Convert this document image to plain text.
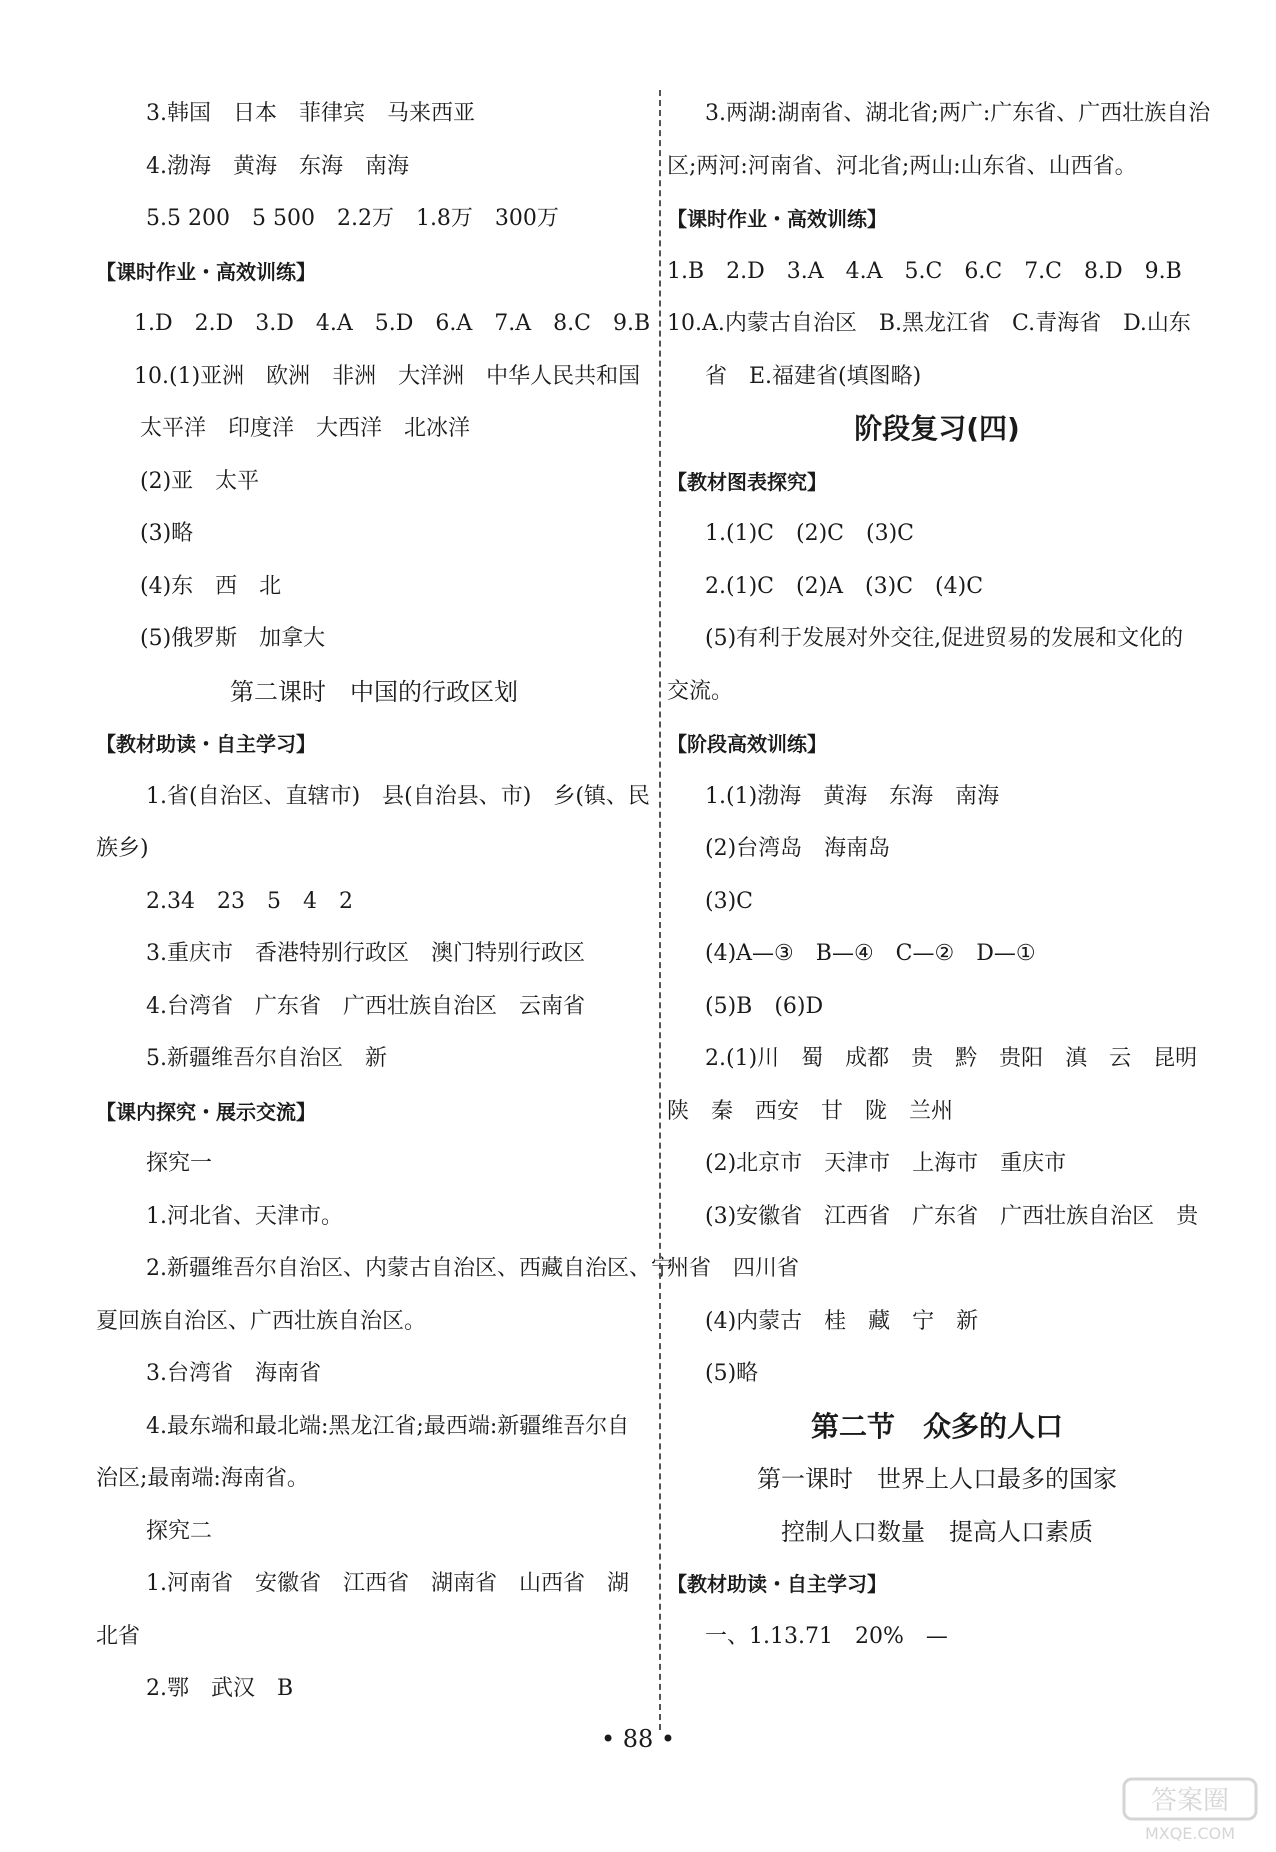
3.韩国　日本　菲律宾　马来西亚
4.渤海　黄海　东海　南海
5.5 200　5 500　2.2万　1.8万　300万
【课时作业・高效训练】
1.D　2.D　3.D　4.A　5.D　6.A　7.A　8.C　9.B
10.(1)亚洲　欧洲　非洲　大洋洲　中华人民共和国
太平洋　印度洋　大西洋　北冰洋
(2)亚　太平
(3)略
(4)东　西　北
(5)俄罗斯　加拿大
第二课时　中国的行政区划
【教材助读・自主学习】
1.省(自治区、直辖市)　县(自治县、市)　乡(镇、民
族乡)
2.34　23　5　4　2
3.重庆市　香港特别行政区　澳门特别行政区
4.台湾省　广东省　广西壮族自治区　云南省
5.新疆维吾尔自治区　新
【课内探究・展示交流】
探究一
1.河北省、天津市。
2.新疆维吾尔自治区、内蒙古自治区、西藏自治区、宁
夏回族自治区、广西壮族自治区。
3.台湾省　海南省
4.最东端和最北端:黑龙江省;最西端:新疆维吾尔自
治区;最南端:海南省。
探究二
1.河南省　安徽省　江西省　湖南省　山西省　湖
北省
2.鄂　武汉　B
3.两湖:湖南省、湖北省;两广:广东省、广西壮族自治
区;两河:河南省、河北省;两山:山东省、山西省。
【课时作业・高效训练】
1.B　2.D　3.A　4.A　5.C　6.C　7.C　8.D　9.B
10.A.内蒙古自治区　B.黑龙江省　C.青海省　D.山东
省　E.福建省(填图略)
阶段复习(四)
【教材图表探究】
1.(1)C　(2)C　(3)C
2.(1)C　(2)A　(3)C　(4)C
(5)有利于发展对外交往,促进贸易的发展和文化的
交流。
【阶段高效训练】
1.(1)渤海　黄海　东海　南海
(2)台湾岛　海南岛
(3)C
(4)A—③　B—④　C—②　D—①
(5)B　(6)D
2.(1)川　蜀　成都　贵　黔　贵阳　滇　云　昆明
陕　秦　西安　甘　陇　兰州
(2)北京市　天津市　上海市　重庆市
(3)安徽省　江西省　广东省　广西壮族自治区　贵
州省　四川省
(4)内蒙古　桂　藏　宁　新
(5)略
第二节　众多的人口
第一课时　世界上人口最多的国家
控制人口数量　提高人口素质
【教材助读・自主学习】
一、1.13.71　20%　—
• 88 •
答案圈
MXQE.COM
